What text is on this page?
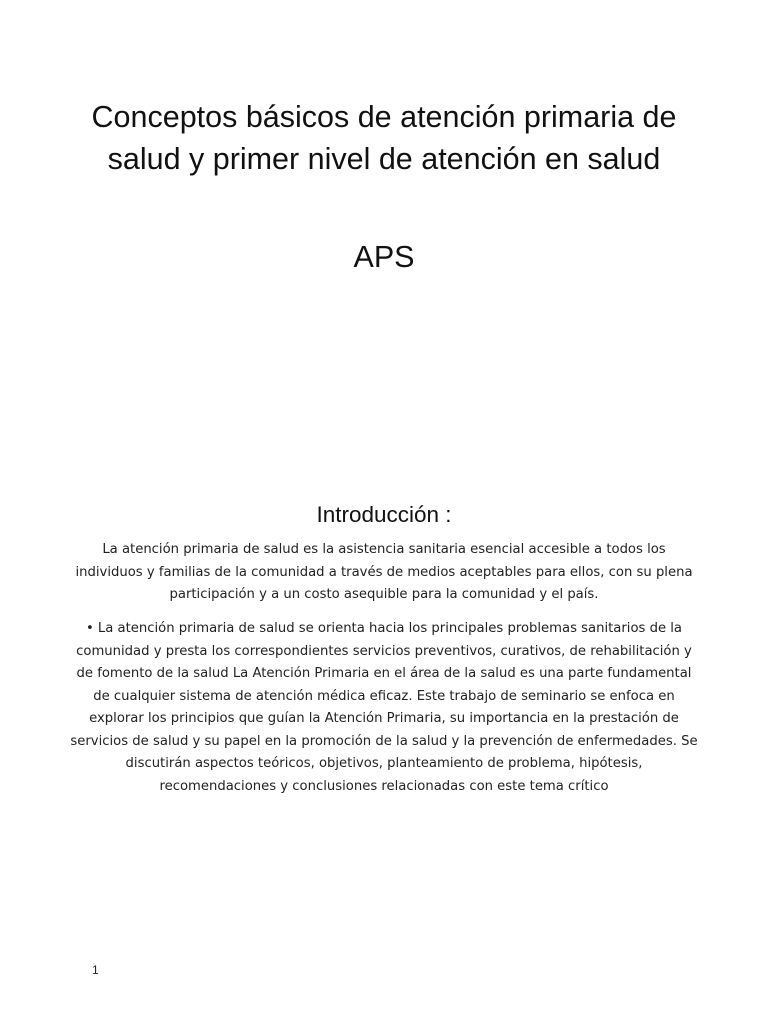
Conceptos básicos de atención primaria de salud y primer nivel de atención en salud
APS
Introducción :

La atención primaria de salud es la asistencia sanitaria esencial accesible a todos los individuos y familias de la comunidad a través de medios aceptables para ellos, con su plena participación y a un costo asequible para la comunidad y el país.

• La atención primaria de salud se orienta hacia los principales problemas sanitarios de la comunidad y presta los correspondientes servicios preventivos, curativos, de rehabilitación y de fomento de la salud La Atención Primaria en el área de la salud es una parte fundamental de cualquier sistema de atención médica eficaz. Este trabajo de seminario se enfoca en explorar los principios que guían la Atención Primaria, su importancia en la prestación de servicios de salud y su papel en la promoción de la salud y la prevención de enfermedades. Se discutirán aspectos teóricos, objetivos, planteamiento de problema, hipótesis, recomendaciones y conclusiones relacionadas con este tema crítico

1
